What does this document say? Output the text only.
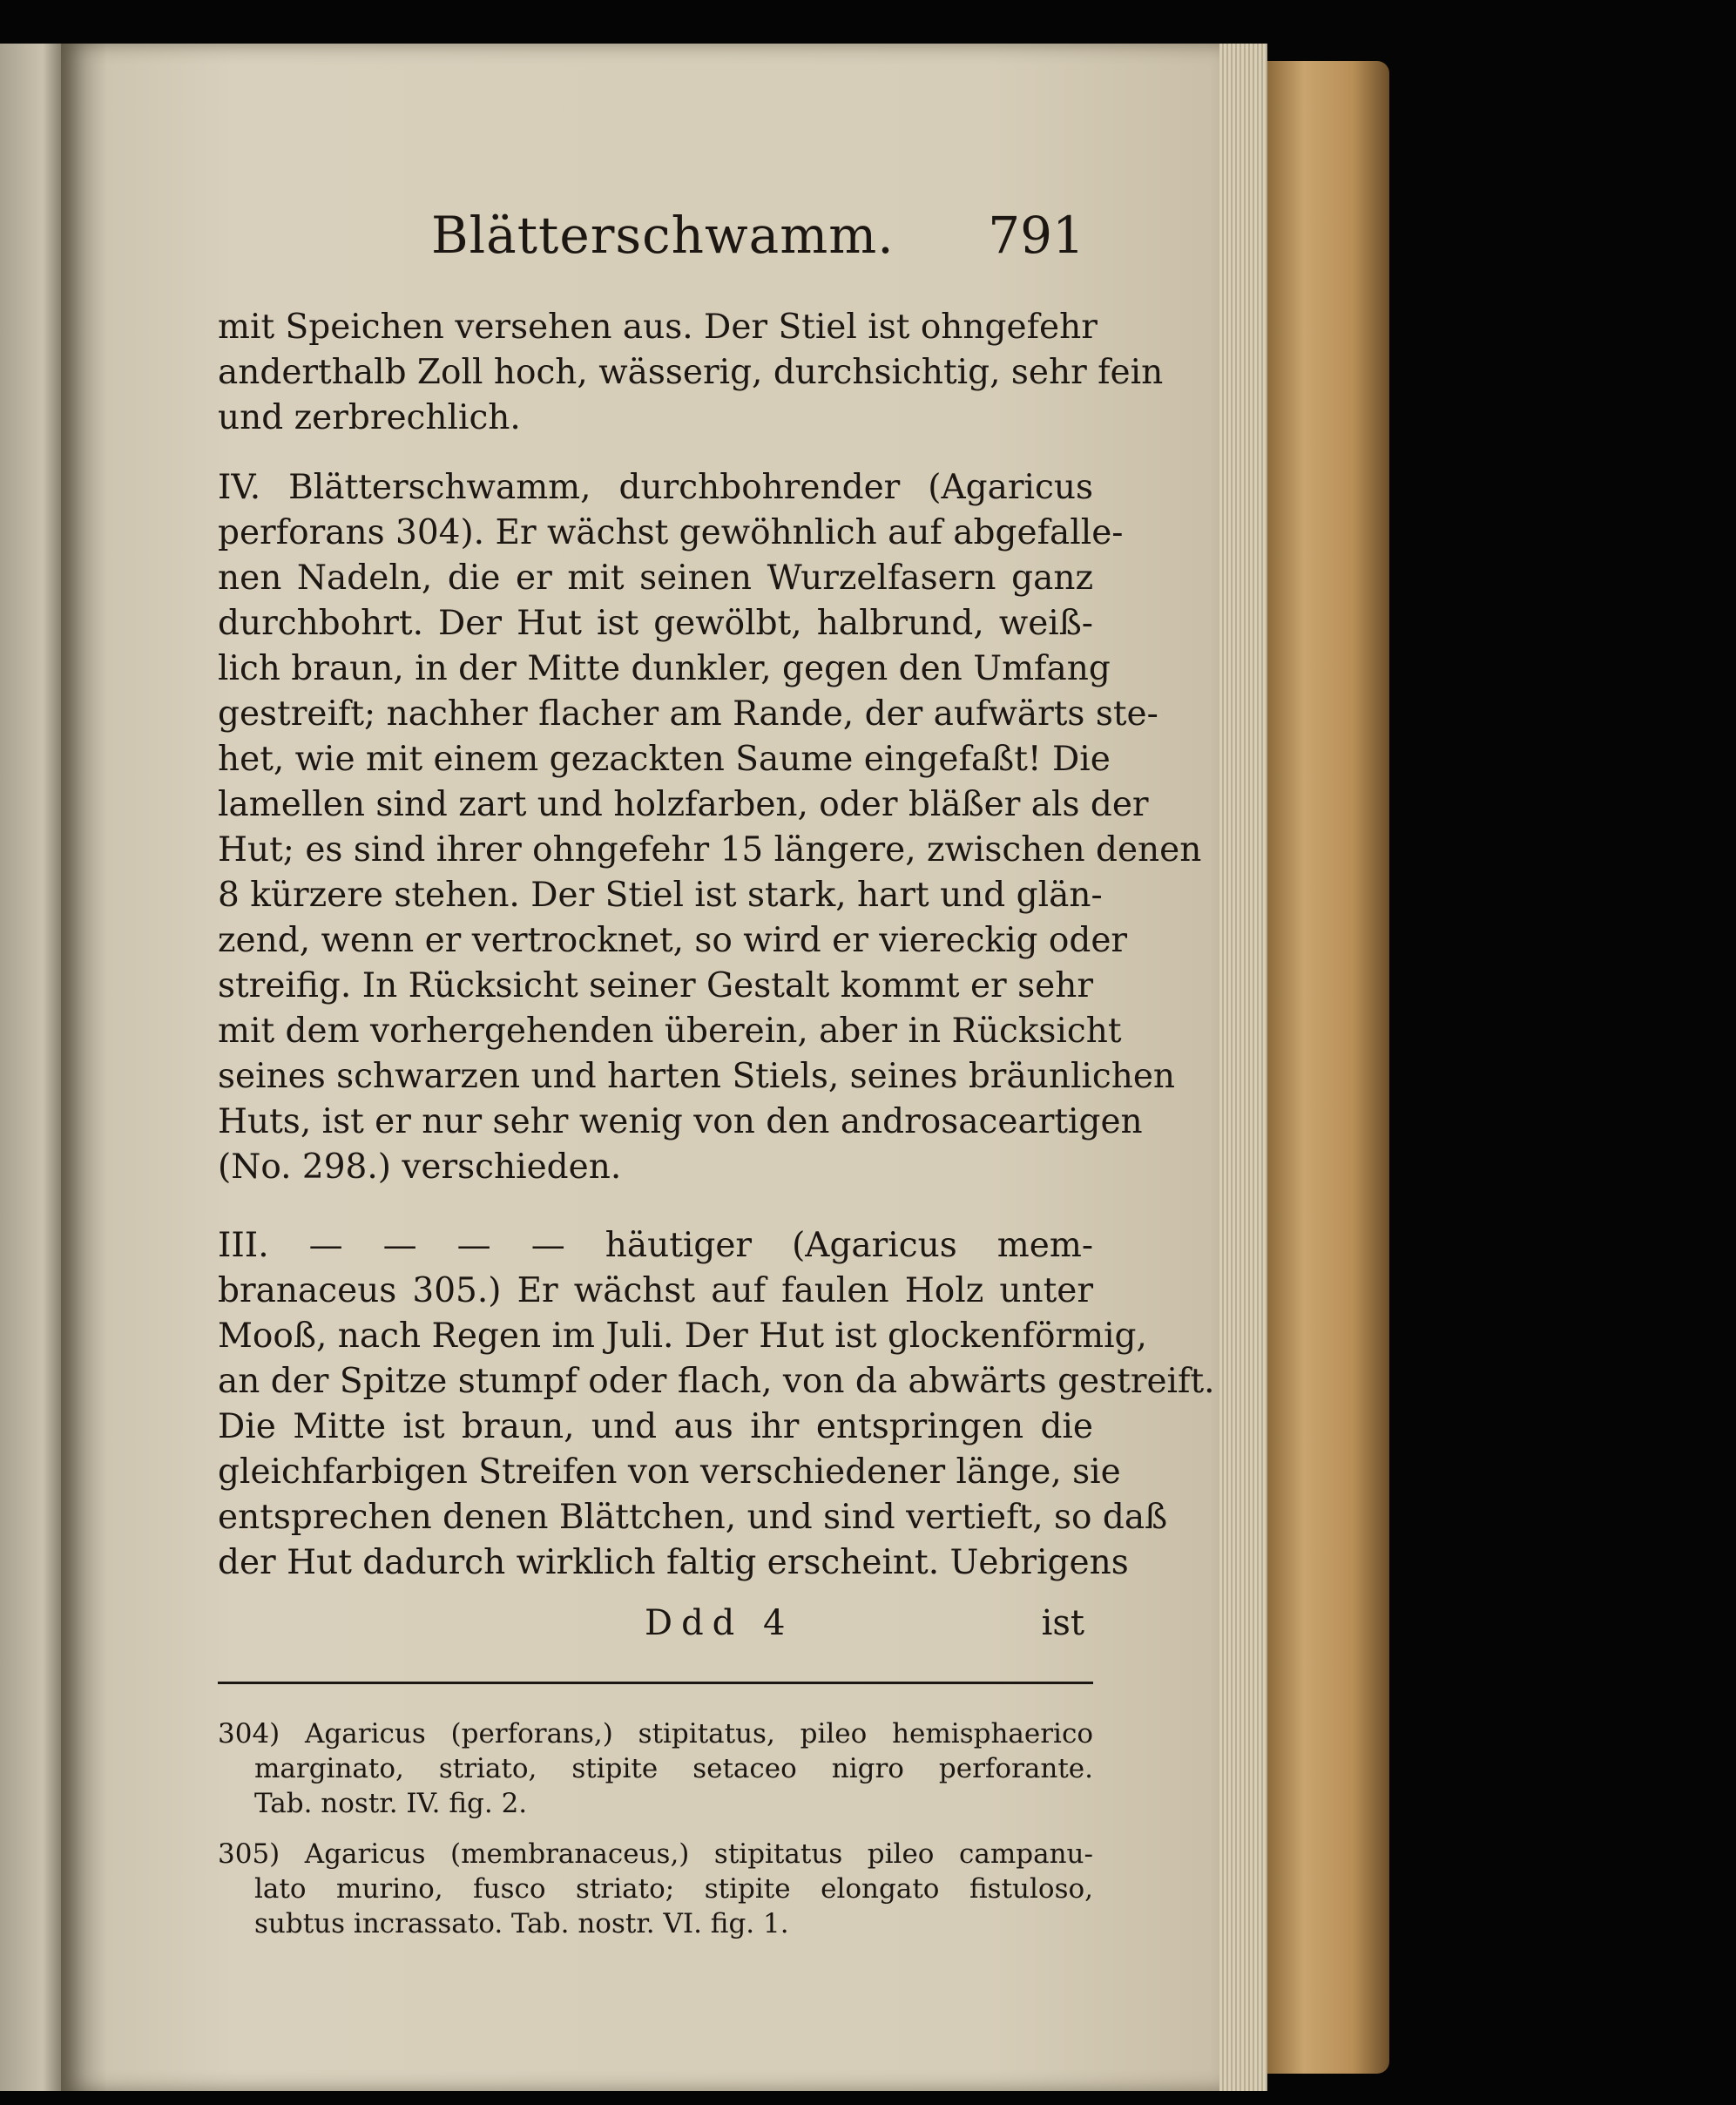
Blätterschwamm. 791
mit Speichen versehen aus. Der Stiel ist ohngefehr
anderthalb Zoll hoch, wässerig, durchsichtig, sehr fein
und zerbrechlich.
IV. Blätterschwamm, durchbohrender (Agaricus
perforans 304). Er wächst gewöhnlich auf abgefalle-
nen Nadeln, die er mit seinen Wurzelfasern ganz
durchbohrt. Der Hut ist gewölbt, halbrund, weiß-
lich braun, in der Mitte dunkler, gegen den Umfang
gestreift; nachher flacher am Rande, der aufwärts ste-
het, wie mit einem gezackten Saume eingefaßt! Die
lamellen sind zart und holzfarben, oder bläßer als der
Hut; es sind ihrer ohngefehr 15 längere, zwischen denen
8 kürzere stehen. Der Stiel ist stark, hart und glän-
zend, wenn er vertrocknet, so wird er viereckig oder
streifig. In Rücksicht seiner Gestalt kommt er sehr
mit dem vorhergehenden überein, aber in Rücksicht
seines schwarzen und harten Stiels, seines bräunlichen
Huts, ist er nur sehr wenig von den androsaceartigen
(No. 298.) verschieden.
III. — — — — häutiger (Agaricus mem-
branaceus 305.) Er wächst auf faulen Holz unter
Mooß, nach Regen im Juli. Der Hut ist glockenförmig,
an der Spitze stumpf oder flach, von da abwärts gestreift.
Die Mitte ist braun, und aus ihr entspringen die
gleichfarbigen Streifen von verschiedener länge, sie
entsprechen denen Blättchen, und sind vertieft, so daß
der Hut dadurch wirklich faltig erscheint. Uebrigens
Ddd 4	ist
304) Agaricus (perforans,) stipitatus, pileo hemisphaerico
marginato, striato, stipite setaceo nigro perforante.
Tab. nostr. IV. fig. 2.
305) Agaricus (membranaceus,) stipitatus pileo campanu-
lato murino, fusco striato; stipite elongato fistuloso,
subtus incrassato. Tab. nostr. VI. fig. 1.
